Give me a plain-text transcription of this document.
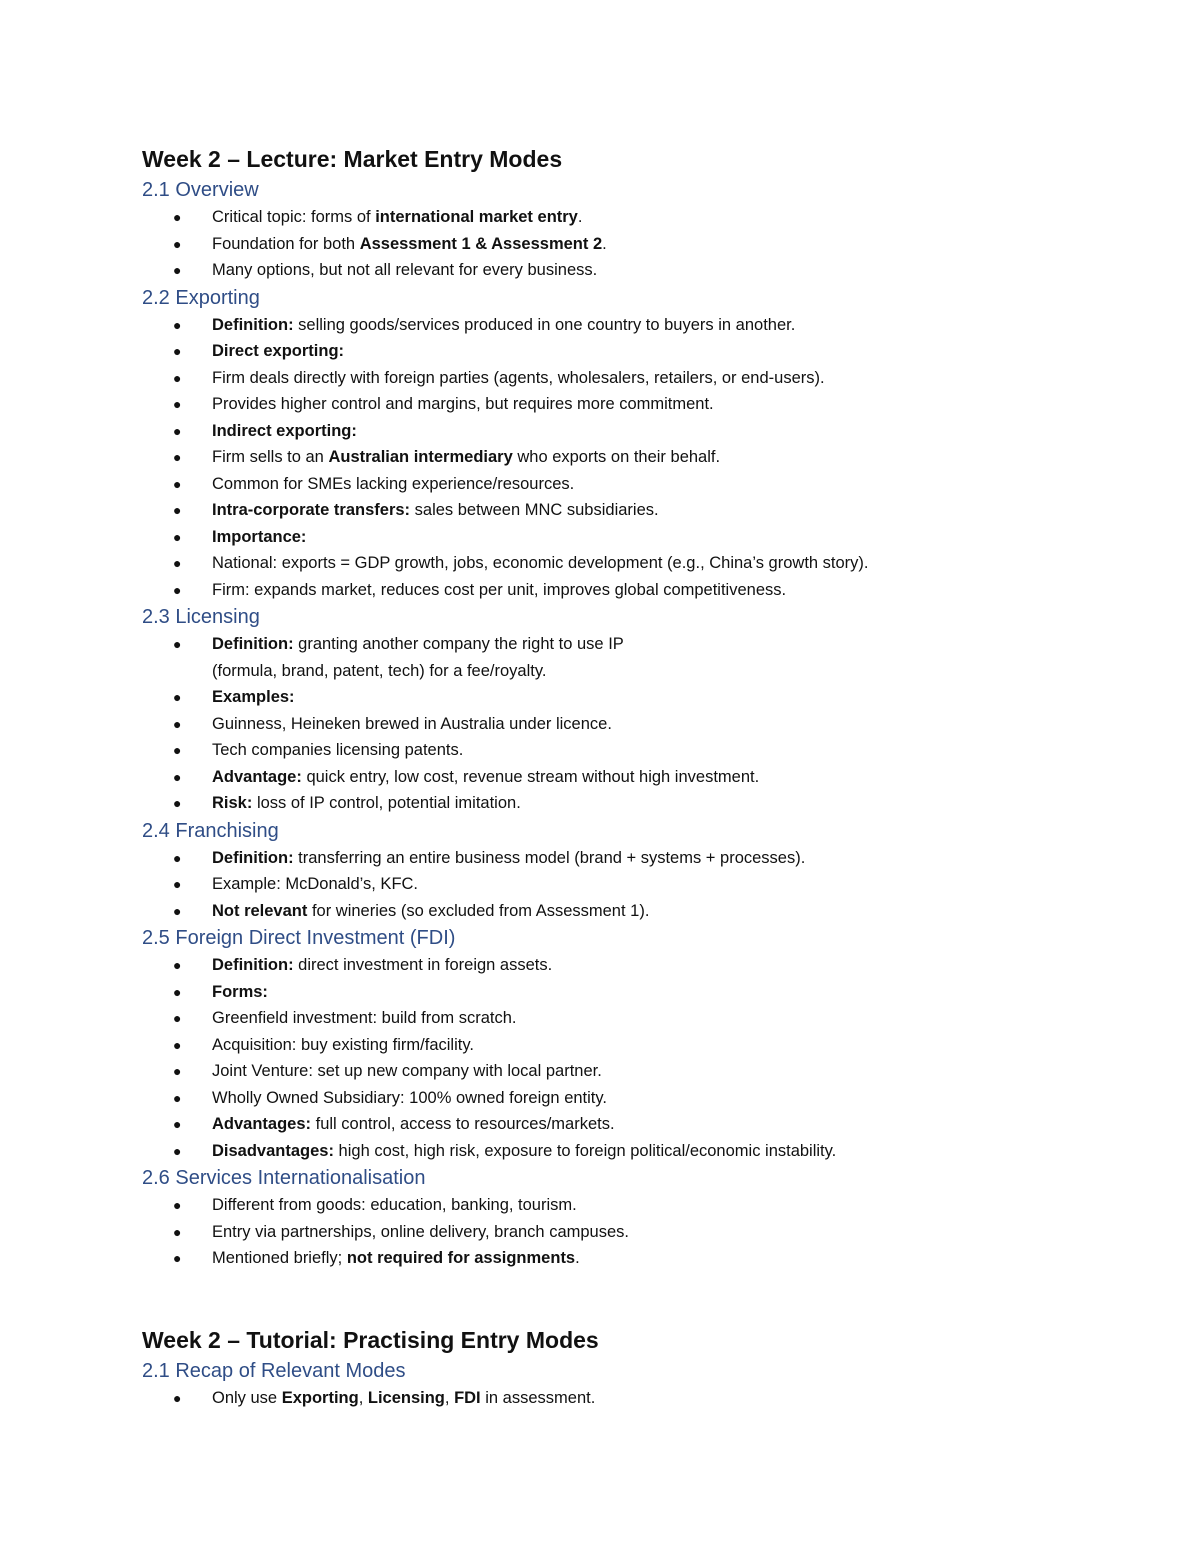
Week 2 – Lecture: Market Entry Modes
2.1 Overview
● Critical topic: forms of international market entry.
● Foundation for both Assessment 1 & Assessment 2.
● Many options, but not all relevant for every business.
2.2 Exporting
● Definition: selling goods/services produced in one country to buyers in another.
● Direct exporting:
● Firm deals directly with foreign parties (agents, wholesalers, retailers, or end-users).
● Provides higher control and margins, but requires more commitment.
● Indirect exporting:
● Firm sells to an Australian intermediary who exports on their behalf.
● Common for SMEs lacking experience/resources.
● Intra-corporate transfers: sales between MNC subsidiaries.
● Importance:
● National: exports = GDP growth, jobs, economic development (e.g., China’s growth story).
● Firm: expands market, reduces cost per unit, improves global competitiveness.
2.3 Licensing
● Definition: granting another company the right to use IP
(formula, brand, patent, tech) for a fee/royalty.
● Examples:
● Guinness, Heineken brewed in Australia under licence.
● Tech companies licensing patents.
● Advantage: quick entry, low cost, revenue stream without high investment.
● Risk: loss of IP control, potential imitation.
2.4 Franchising
● Definition: transferring an entire business model (brand + systems + processes).
● Example: McDonald’s, KFC.
● Not relevant for wineries (so excluded from Assessment 1).
2.5 Foreign Direct Investment (FDI)
● Definition: direct investment in foreign assets.
● Forms:
● Greenfield investment: build from scratch.
● Acquisition: buy existing firm/facility.
● Joint Venture: set up new company with local partner.
● Wholly Owned Subsidiary: 100% owned foreign entity.
● Advantages: full control, access to resources/markets.
● Disadvantages: high cost, high risk, exposure to foreign political/economic instability.
2.6 Services Internationalisation
● Different from goods: education, banking, tourism.
● Entry via partnerships, online delivery, branch campuses.
● Mentioned briefly; not required for assignments.
Week 2 – Tutorial: Practising Entry Modes
2.1 Recap of Relevant Modes
● Only use Exporting, Licensing, FDI in assessment.
